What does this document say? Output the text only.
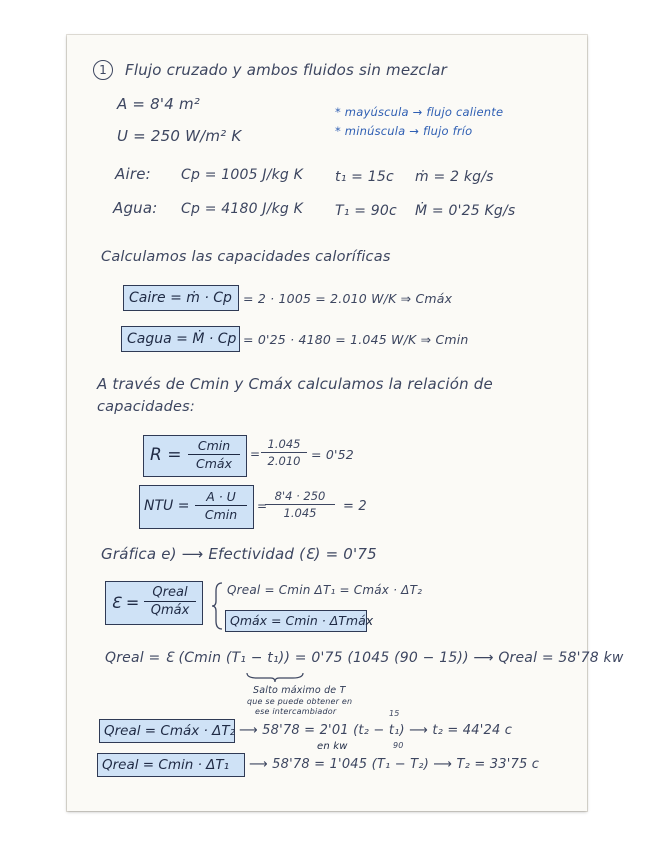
1	Flujo cruzado y ambos fluidos sin mezclar
A = 8'4 m²
U = 250 W/m² K
* mayúscula → flujo caliente
* minúscula → flujo frío
Aire: Cp = 1005 J/kg K t₁ = 15c ṁ = 2 kg/s
Agua: Cp = 4180 J/kg K T₁ = 90c Ṁ = 0'25 Kg/s
Calculamos las capacidades caloríficas
Caire = ṁ · Cp = 2 · 1005 = 2.010 W/K ⇒ Cmáx
Cagua = Ṁ · Cp = 0'25 · 4180 = 1.045 W/K ⇒ Cmin
A través de Cmin y Cmáx calculamos la relación de
capacidades:
R =	Cmin
Cmáx
=
1.045
2.010 = 0'52
NTU =
A · U
Cmin
=
8'4 · 250
1.045	= 2
Gráfica e) ⟶ Efectividad (Ɛ) = 0'75
Ɛ =
Qreal
Qmáx
Qreal = Cmin ΔT₁ = Cmáx · ΔT₂
Qmáx = Cmin · ΔTmáx
Qreal = Ɛ (Cmin (T₁ − t₁)) = 0'75 (1045 (90 − 15)) ⟶ Qreal = 58'78 kw
Salto máximo de T
que se puede obtener en
ese intercambiador
Qreal = Cmáx · ΔT₂ ⟶ 58'78 = 2'01 (t₂ − t₁) ⟶ t₂ = 44'24 c
15
en kw	90
Qreal = Cmin · ΔT₁	⟶ 58'78 = 1'045 (T₁ − T₂) ⟶ T₂ = 33'75 c
